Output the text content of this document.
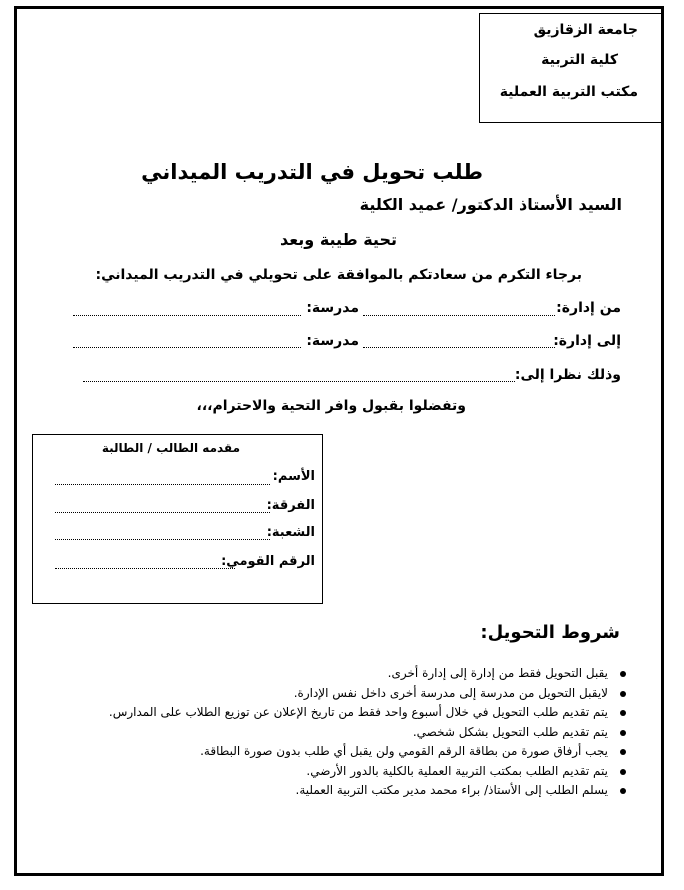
جامعة الزقازيق
كلية التربية
مكتب التربية العملية
طلب تحويل في التدريب الميداني
السيد الأستاذ الدكتور/ عميد الكلية
تحية طيبة وبعد
برجاء التكرم من سعادتكم بالموافقة على تحويلي في التدريب الميداني:
من إدارة:
مدرسة:
إلى إدارة:
مدرسة:
وذلك نظرا إلى:
وتفضلوا بقبول وافر التحية والاحترام،،،
مقدمه الطالب / الطالبة
الأسم:
الفرقة:
الشعبة:
الرقم القومي:
شروط التحويل:
يقبل التحويل فقط من إدارة إلى إدارة أخرى.
لايقبل التحويل من مدرسة إلى مدرسة أخرى داخل نفس الإدارة.
يتم تقديم طلب التحويل في خلال أسبوع واحد فقط من تاريخ الإعلان عن توزيع الطلاب على المدارس.
يتم تقديم طلب التحويل بشكل شخصي.
يجب أرفاق صورة من بطاقة الرقم القومي ولن يقبل أي طلب بدون صورة البطاقة.
يتم تقديم الطلب بمكتب التربية العملية بالكلية بالدور الأرضي.
يسلم الطلب إلى الأستاذ/ براء محمد مدير مكتب التربية العملية.
